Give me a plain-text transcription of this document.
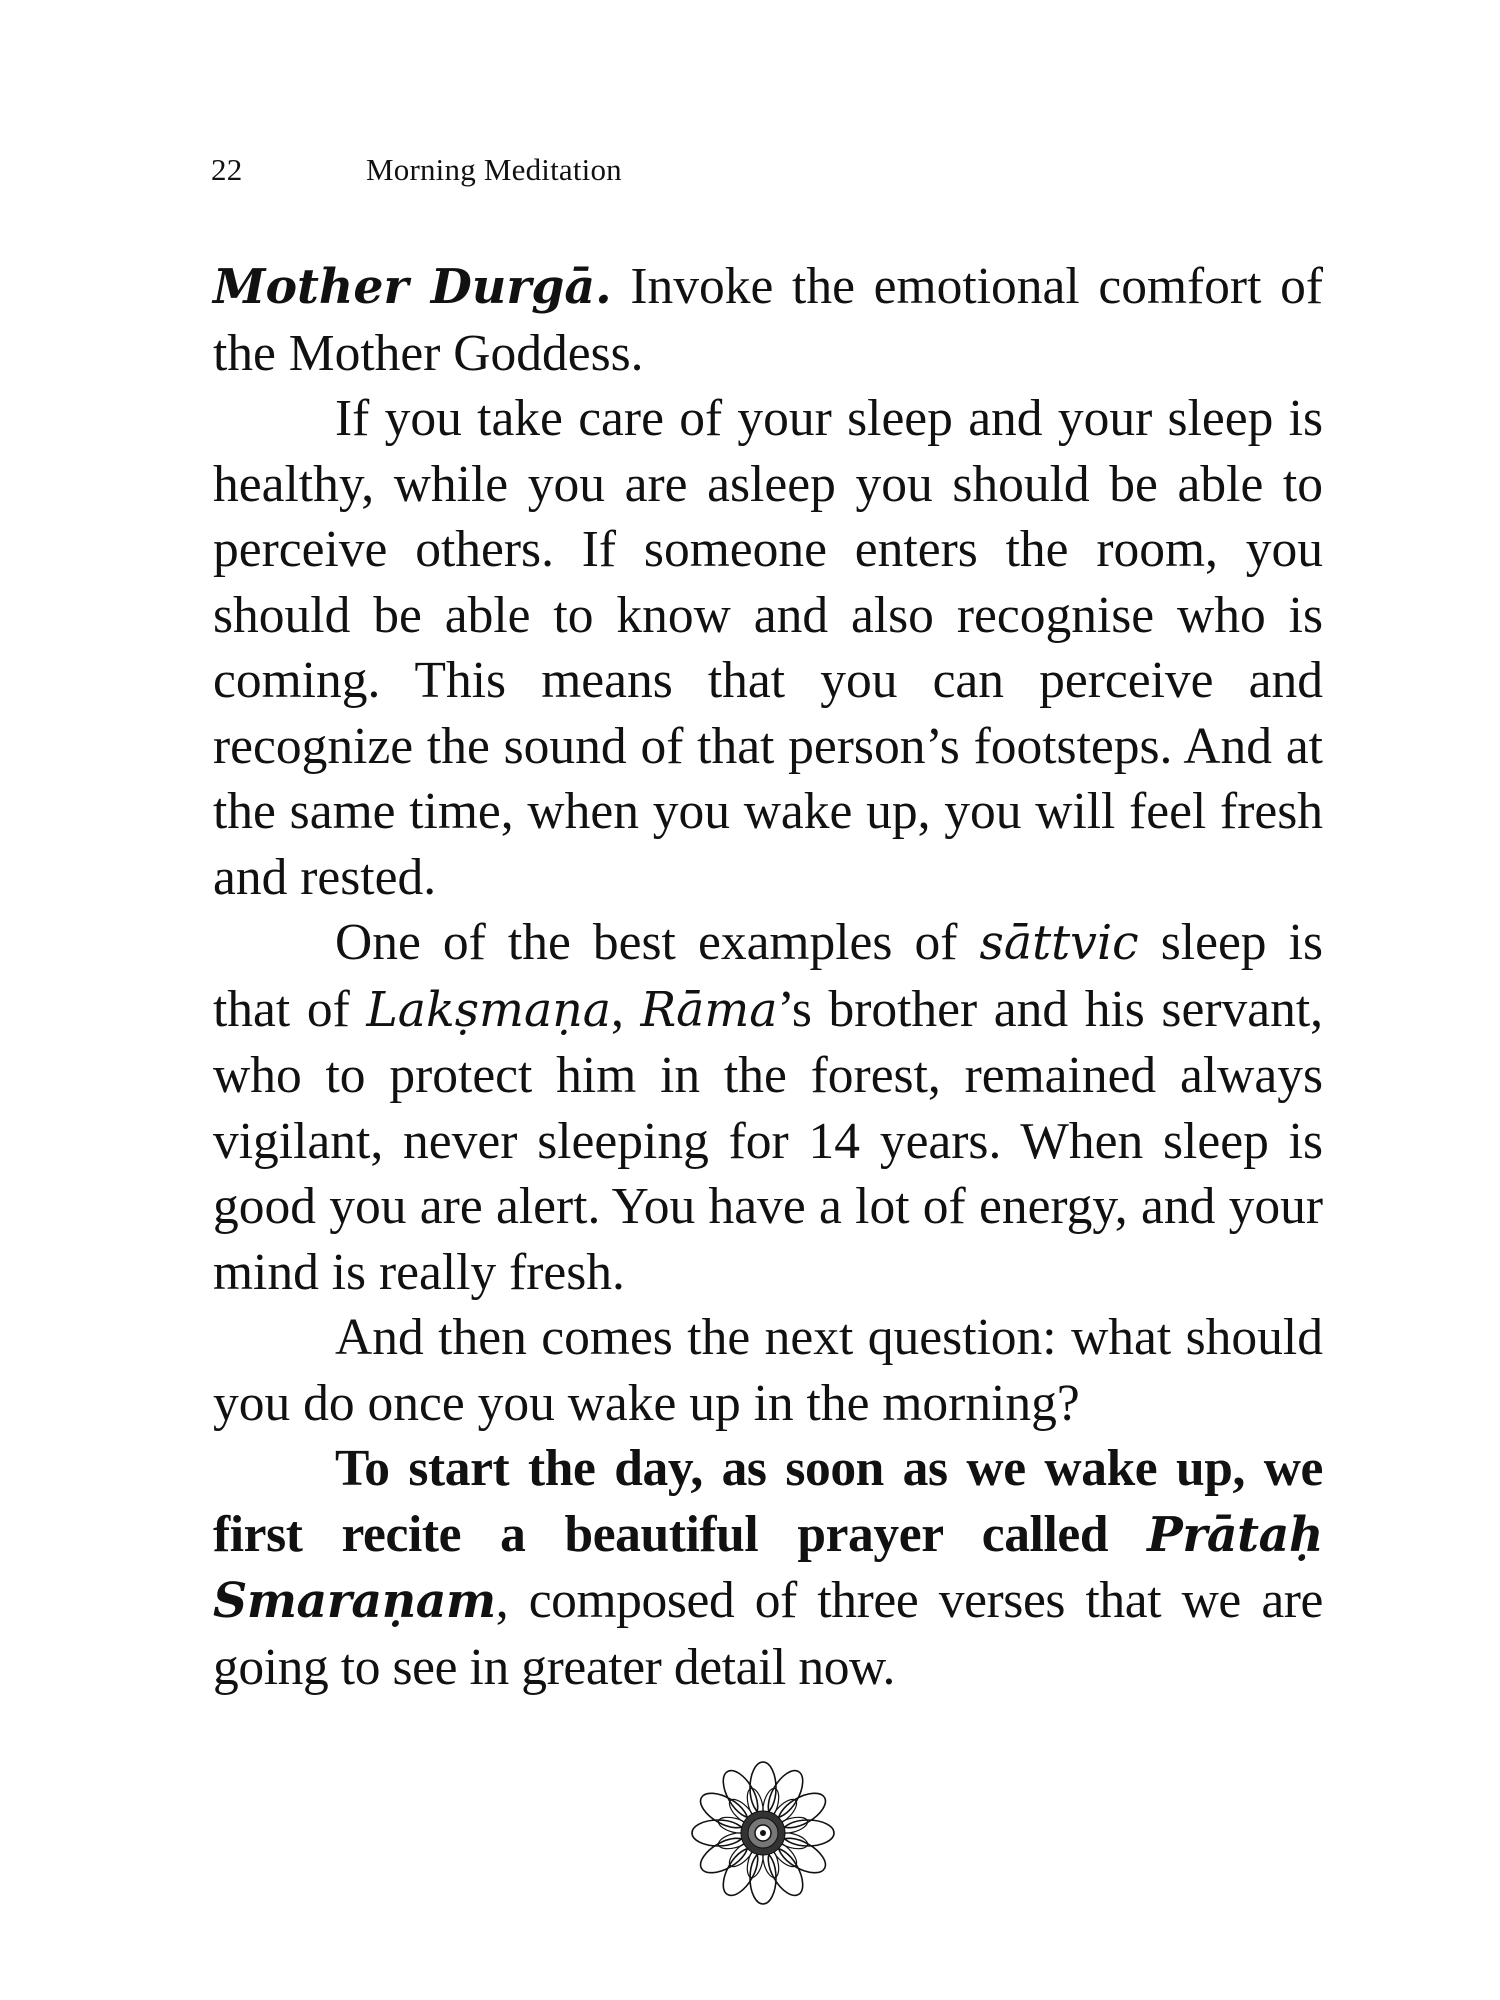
22	Morning Meditation

Mother Durgā. Invoke the emotional comfort of the Mother Goddess.

If you take care of your sleep and your sleep is healthy, while you are asleep you should be able to perceive others. If someone enters the room, you should be able to know and also recognise who is coming. This means that you can perceive and recognize the sound of that person’s footsteps. And at the same time, when you wake up, you will feel fresh and rested.

One of the best examples of sāttvic sleep is that of Lakṣmaṇa, Rāma’s brother and his servant, who to protect him in the forest, remained always vigilant, never sleeping for 14 years. When sleep is good you are alert. You have a lot of energy, and your mind is really fresh.

And then comes the next question: what should you do once you wake up in the morning?

To start the day, as soon as we wake up, we first recite a beautiful prayer called Prātaḥ Smaraṇam, composed of three verses that we are going to see in greater detail now.
